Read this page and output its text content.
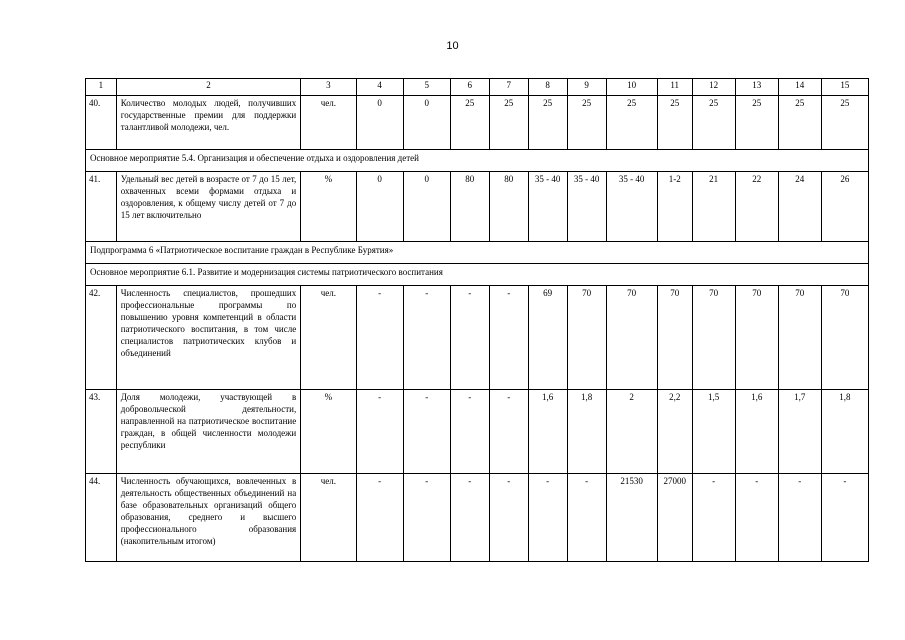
10
1	2	3	4	5	6	7	8	9	10	11	12	13	14	15
40.	Количество молодых людей, получивших государственные премии для поддержки талантливой молодежи, чел.	чел.	0	0	25	25	25	25	25	25	25	25	25	25
Основное мероприятие 5.4. Организация и обеспечение отдыха и оздоровления детей														
41.	Удельный вес детей в возрасте от 7 до 15 лет, охваченных всеми формами отдыха и оздоровления, к общему числу детей от 7 до 15 лет включительно	%	0	0	80	80	35 - 40	35 - 40	35 - 40	1-2	21	22	24	26
Подпрограмма 6 «Патриотическое воспитание граждан в Республике Бурятия»														
Основное мероприятие 6.1. Развитие и модернизация системы патриотического воспитания														
42.	Численность специалистов, прошедших профессиональные программы по повышению уровня компетенций в области патриотического воспитания, в том числе специалистов патриотических клубов и объединений	чел.	-	-	-	-	69	70	70	70	70	70	70	70
43.	Доля молодежи, участвующей в добровольческой деятельности, направленной на патриотическое воспитание граждан, в общей численности молодежи республики	%	-	-	-	-	1,6	1,8	2	2,2	1,5	1,6	1,7	1,8
44.	Численность обучающихся, вовлеченных в деятельность общественных объединений на базе образовательных организаций общего образования, среднего и высшего профессионального образования (накопительным итогом)	чел.	-	-	-	-	-	-	21530	27000	-	-	-	-
